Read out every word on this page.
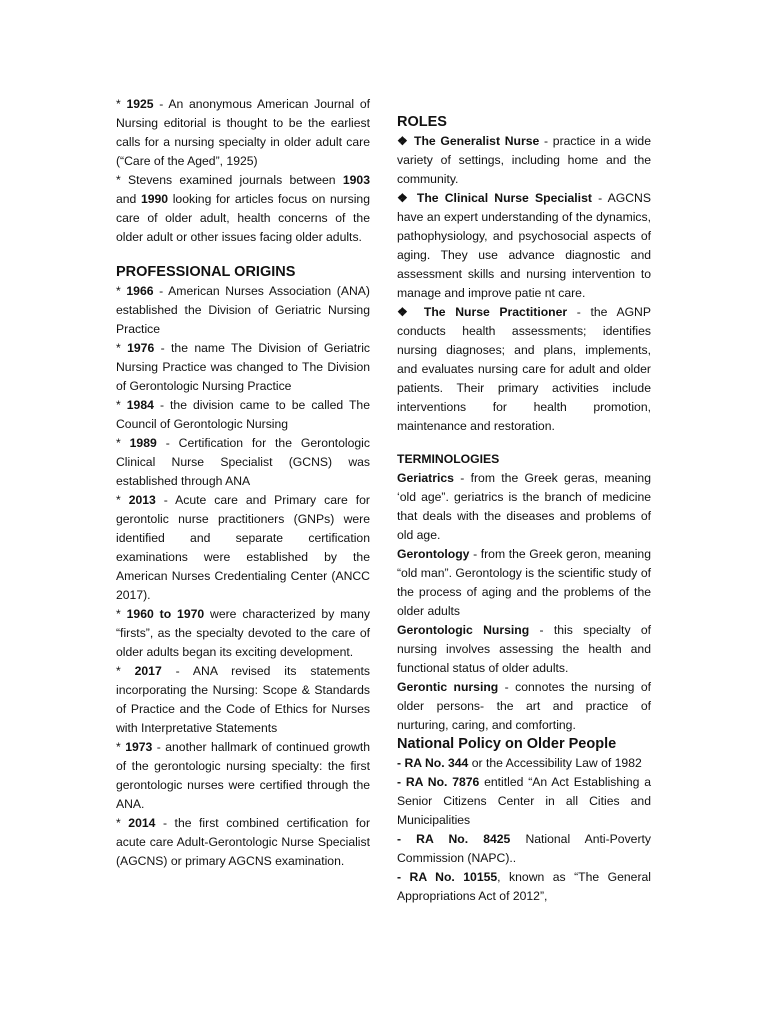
* 1925 - An anonymous American Journal of Nursing editorial is thought to be the earliest calls for a nursing specialty in older adult care (“Care of the Aged”, 1925)

* Stevens examined journals between 1903 and 1990 looking for articles focus on nursing care of older adult, health concerns of the older adult or other issues facing older adults.

PROFESSIONAL ORIGINS

* 1966 - American Nurses Association (ANA) established the Division of Geriatric Nursing Practice

* 1976 - the name The Division of Geriatric Nursing Practice was changed to The Division of Gerontologic Nursing Practice

* 1984 - the division came to be called The Council of Gerontologic Nursing

* 1989 - Certification for the Gerontologic Clinical Nurse Specialist (GCNS) was established through ANA

* 2013 - Acute care and Primary care for gerontolic nurse practitioners (GNPs) were identified and separate certification examinations were established by the American Nurses Credentialing Center (ANCC 2017).

* 1960 to 1970 were characterized by many “firsts”, as the specialty devoted to the care of older adults began its exciting development.

* 2017 - ANA revised its statements incorporating the Nursing: Scope & Standards of Practice and the Code of Ethics for Nurses with Interpretative Statements

* 1973 - another hallmark of continued growth of the gerontologic nursing specialty: the first gerontologic nurses were certified through the ANA.

* 2014 - the first combined certification for acute care Adult-Gerontologic Nurse Specialist (AGCNS) or primary AGCNS examination.

ROLES

❖ The Generalist Nurse - practice in a wide variety of settings, including home and the community.

❖ The Clinical Nurse Specialist - AGCNS have an expert understanding of the dynamics, pathophysiology, and psychosocial aspects of aging. They use advance diagnostic and assessment skills and nursing intervention to manage and improve patie nt care.

❖ The Nurse Practitioner - the AGNP conducts health assessments; identifies nursing diagnoses; and plans, implements, and evaluates nursing care for adult and older patients. Their primary activities include interventions for health promotion, maintenance and restoration.

TERMINOLOGIES

Geriatrics - from the Greek geras, meaning ‘old age”. geriatrics is the branch of medicine that deals with the diseases and problems of old age.

Gerontology - from the Greek geron, meaning “old man”. Gerontology is the scientific study of the process of aging and the problems of the older adults

Gerontologic Nursing - this specialty of nursing involves assessing the health and functional status of older adults.

Gerontic nursing - connotes the nursing of older persons- the art and practice of nurturing, caring, and comforting.

National Policy on Older People

- RA No. 344 or the Accessibility Law of 1982

- RA No. 7876 entitled “An Act Establishing a Senior Citizens Center in all Cities and Municipalities

- RA No. 8425 National Anti-Poverty Commission (NAPC)..

- RA No. 10155, known as “The General Appropriations Act of 2012”,
